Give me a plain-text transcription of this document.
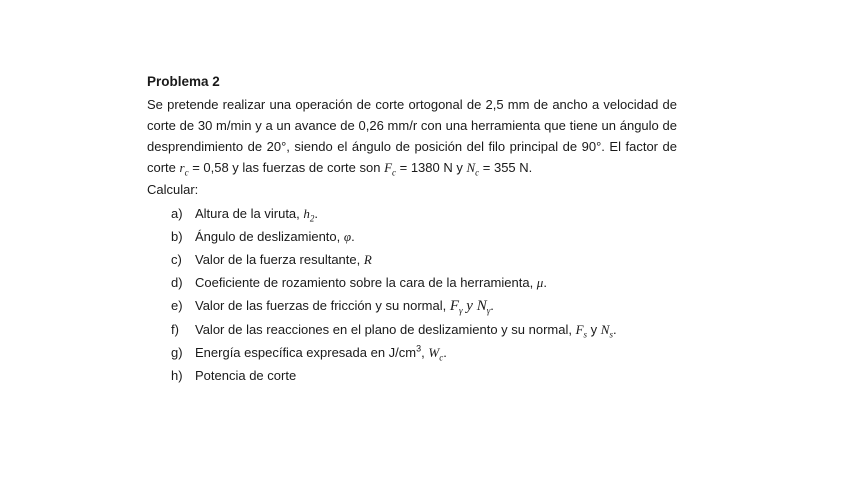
Problema 2

Se pretende realizar una operación de corte ortogonal de 2,5 mm de ancho a velocidad de corte de 30 m/min y a un avance de 0,26 mm/r con una herramienta que tiene un ángulo de desprendimiento de 20°, siendo el ángulo de posición del filo principal de 90°. El factor de corte $r_c = 0,58$ y las fuerzas de corte son $F_c = 1380$ N y $N_c = 355$ N.

Calcular:

a) Altura de la viruta, $h_2$.
b) Ángulo de deslizamiento, φ.
c)	Valor de la fuerza resultante, R
d) Coeficiente de rozamiento sobre la cara de la herramienta, μ.
e) Valor de las fuerzas de fricción y su normal, $F_\gamma$ y $N_\gamma$.
f)	Valor de las reacciones en el plano de deslizamiento y su normal, $F_s$ y $N_s$.
g) Energía específica expresada en $J/cm^3$, $W_c$.
h) Potencia de corte
